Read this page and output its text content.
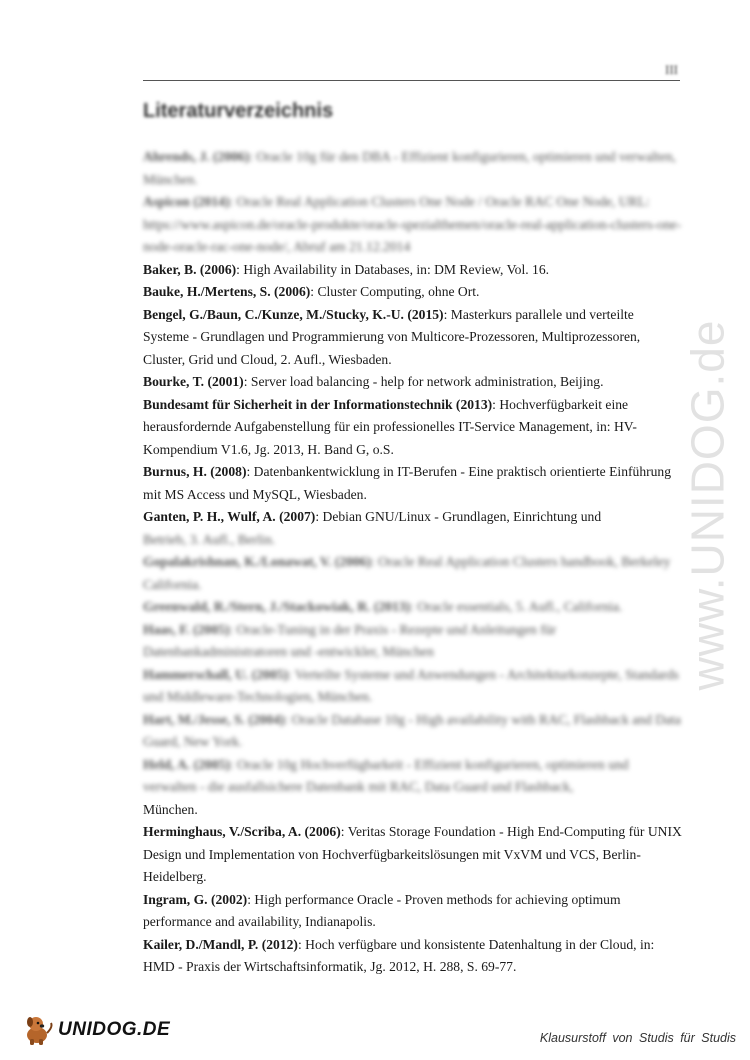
III
Literaturverzeichnis

Ahrends, J. (2006): Oracle 10g für den DBA - Effizient konfigurieren, optimieren und verwalten, München.

Aspicon (2014): Oracle Real Application Clusters One Node / Oracle RAC One Node, URL: https://www.aspicon.de/oracle-produkte/oracle-spezialthemen/oracle-real-application-clusters-one-node-oracle-rac-one-node/, Abruf am 21.12.2014

Baker, B. (2006): High Availability in Databases, in: DM Review, Vol. 16.

Bauke, H./Mertens, S. (2006): Cluster Computing, ohne Ort.

Bengel, G./Baun, C./Kunze, M./Stucky, K.-U. (2015): Masterkurs parallele und verteilte Systeme - Grundlagen und Programmierung von Multicore-Prozessoren, Multiprozessoren, Cluster, Grid und Cloud, 2. Aufl., Wiesbaden.

Bourke, T. (2001): Server load balancing - help for network administration, Beijing.

Bundesamt für Sicherheit in der Informationstechnik (2013): Hochverfügbarkeit eine herausfordernde Aufgabenstellung für ein professionelles IT-Service Management, in: HV-Kompendium V1.6, Jg. 2013, H. Band G, o.S.

Burnus, H. (2008): Datenbankentwicklung in IT-Berufen - Eine praktisch orientierte Einführung mit MS Access und MySQL, Wiesbaden.

Ganten, P. H., Wulf, A. (2007): Debian GNU/Linux - Grundlagen, Einrichtung und
Betrieb, 3. Aufl., Berlin.

Gopalakrishnan, K./Lonawat, V. (2006): Oracle Real Application Clusters handbook, Berkeley California.

Greenwald, R./Stern, J./Stackowiak, R. (2013): Oracle essentials, 5. Aufl., California.

Haas, F. (2005): Oracle-Tuning in der Praxis - Rezepte und Anleitungen für Datenbankadministratoren und -entwickler, München

Hammerschall, U. (2005): Verteilte Systeme und Anwendungen - Architekturkonzepte, Standards und Middleware-Technologien, München.

Hart, M./Jesse, S. (2004): Oracle Database 10g - High availability with RAC, Flashback and Data Guard, New York.

Held, A. (2005): Oracle 10g Hochverfügbarkeit - Effizient konfigurieren, optimieren und verwalten - die ausfallsichere Datenbank mit RAC, Data Guard und Flashback,
München.

Herminghaus, V./Scriba, A. (2006): Veritas Storage Foundation - High End-Computing für UNIX Design und Implementation von Hochverfügbarkeitslösungen mit VxVM und VCS, Berlin-Heidelberg.

Ingram, G. (2002): High performance Oracle - Proven methods for achieving optimum performance and availability, Indianapolis.

Kailer, D./Mandl, P. (2012): Hoch verfügbare und konsistente Datenhaltung in der Cloud, in: HMD - Praxis der Wirtschaftsinformatik, Jg. 2012, H. 288, S. 69-77.

www.UNIDOG.de
UNIDOG.DE	Klausurstoff von Studis für Studis
